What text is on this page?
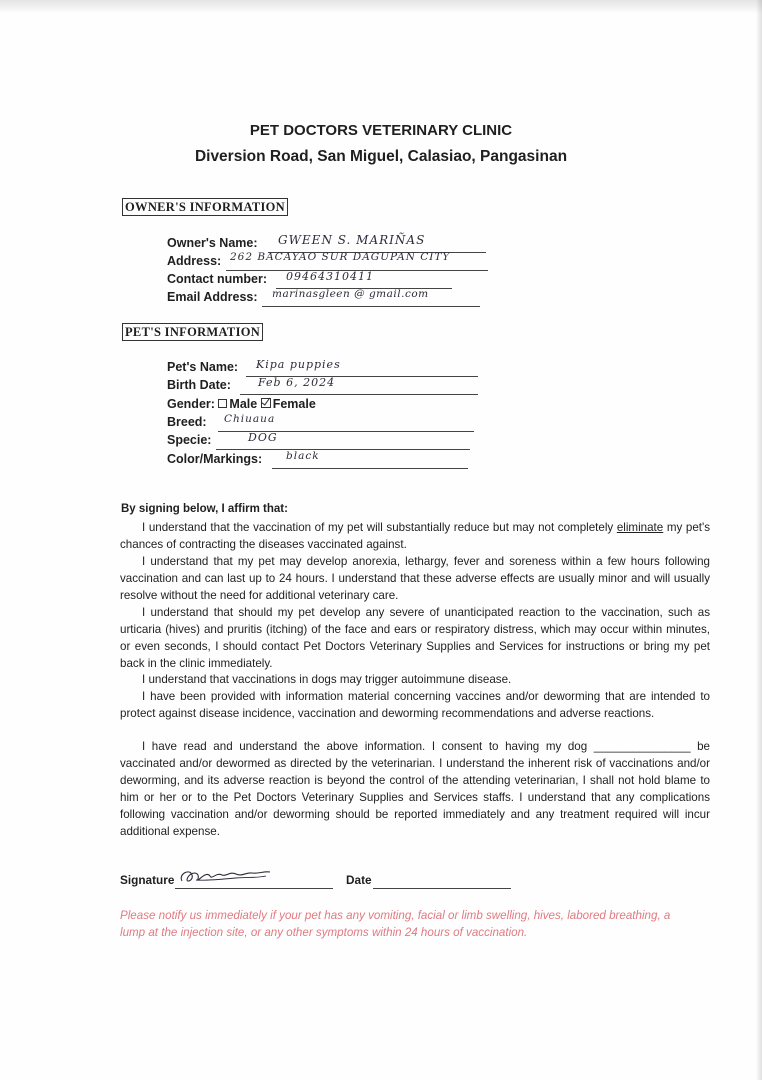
PET DOCTORS VETERINARY CLINIC
Diversion Road, San Miguel, Calasiao, Pangasinan
OWNER'S INFORMATION
Owner's Name: GWEEN S. MARIÑAS
Address: 262 BACAYAO SUR DAGUPAN CITY
Contact number: 09464310411
Email Address: marinasgleen @ gmail.com
PET'S INFORMATION
Pet's Name: Kipa puppies
Birth Date: Feb 6, 2024
Gender: Male Female
Breed: Chiuaua
Specie:	DOG
Color/Markings: black
By signing below, I affirm that:
I understand that the vaccination of my pet will substantially reduce but may not completely eliminate my pet's chances of contracting the diseases vaccinated against.
I understand that my pet may develop anorexia, lethargy, fever and soreness within a few hours following vaccination and can last up to 24 hours. I understand that these adverse effects are usually minor and will usually resolve without the need for additional veterinary care.
I understand that should my pet develop any severe of unanticipated reaction to the vaccination, such as urticaria (hives) and pruritis (itching) of the face and ears or respiratory distress, which may occur within minutes, or even seconds, I should contact Pet Doctors Veterinary Supplies and Services for instructions or bring my pet back in the clinic immediately.
I understand that vaccinations in dogs may trigger autoimmune disease.
I have been provided with information material concerning vaccines and/or deworming that are intended to protect against disease incidence, vaccination and deworming recommendations and adverse reactions.
I have read and understand the above information. I consent to having my dog _______________ be vaccinated and/or dewormed as directed by the veterinarian. I understand the inherent risk of vaccinations and/or deworming, and its adverse reaction is beyond the control of the attending veterinarian, I shall not hold blame to him or her or to the Pet Doctors Veterinary Supplies and Services staffs. I understand that any complications following vaccination and/or deworming should be reported immediately and any treatment required will incur additional expense.
Signature	Date
Please notify us immediately if your pet has any vomiting, facial or limb swelling, hives, labored breathing, a lump at the injection site, or any other symptoms within 24 hours of vaccination.
